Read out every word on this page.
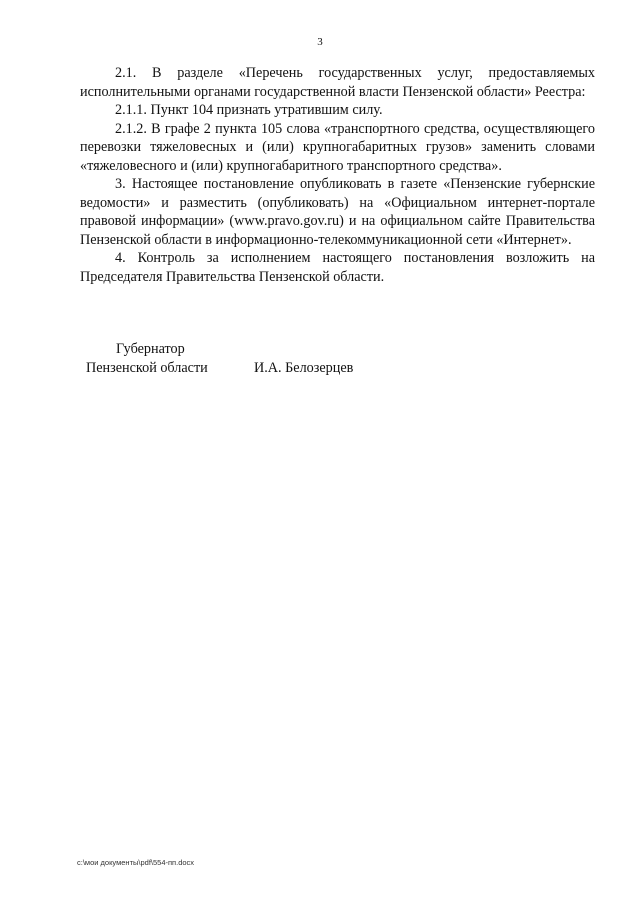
3

2.1. В разделе «Перечень государственных услуг, предоставляемых исполнительными органами государственной власти Пензенской области» Реестра:

2.1.1. Пункт 104 признать утратившим силу.

2.1.2. В графе 2 пункта 105 слова «транспортного средства, осуществляющего перевозки тяжеловесных и (или) крупногабаритных грузов» заменить словами «тяжеловесного и (или) крупногабаритного транспортного средства».

3. Настоящее постановление опубликовать в газете «Пензенские губернские ведомости» и разместить (опубликовать) на «Официальном интернет-портале правовой информации» (www.pravo.gov.ru) и на официальном сайте Правительства Пензенской области в информационно-телекоммуникационной сети «Интернет».

4. Контроль за исполнением настоящего постановления возложить на Председателя Правительства Пензенской области.

Губернатор
Пензенской области	И.А. Белозерцев
c:\мои документы\pdf\554-пп.docx
